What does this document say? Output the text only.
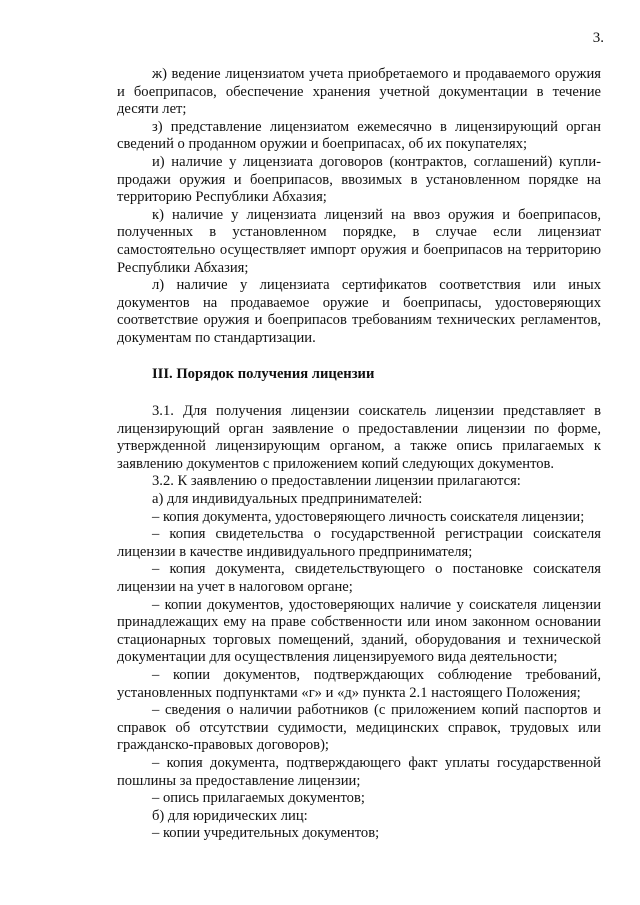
3.

ж) ведение лицензиатом учета приобретаемого и продаваемого оружия и боеприпасов, обеспечение хранения учетной документации в течение десяти лет;

з) представление лицензиатом ежемесячно в лицензирующий орган сведений о проданном оружии и боеприпасах, об их покупателях;

и) наличие у лицензиата договоров (контрактов, соглашений) купли-продажи оружия и боеприпасов, ввозимых в установленном порядке на территорию Республики Абхазия;

к) наличие у лицензиата лицензий на ввоз оружия и боеприпасов, полученных в установленном порядке, в случае если лицензиат самостоятельно осуществляет импорт оружия и боеприпасов на территорию Республики Абхазия;

л) наличие у лицензиата сертификатов соответствия или иных документов на продаваемое оружие и боеприпасы, удостоверяющих соответствие оружия и боеприпасов требованиям технических регламентов, документам по стандартизации.

III. Порядок получения лицензии

3.1. Для получения лицензии соискатель лицензии представляет в лицензирующий орган заявление о предоставлении лицензии по форме, утвержденной лицензирующим органом, а также опись прилагаемых к заявлению документов с приложением копий следующих документов.

3.2. К заявлению о предоставлении лицензии прилагаются:

а) для индивидуальных предпринимателей:

– копия документа, удостоверяющего личность соискателя лицензии;

– копия свидетельства о государственной регистрации соискателя лицензии в качестве индивидуального предпринимателя;

– копия документа, свидетельствующего о постановке соискателя лицензии на учет в налоговом органе;

– копии документов, удостоверяющих наличие у соискателя лицензии принадлежащих ему на праве собственности или ином законном основании стационарных торговых помещений, зданий, оборудования и технической документации для осуществления лицензируемого вида деятельности;

– копии документов, подтверждающих соблюдение требований, установленных подпунктами «г» и «д» пункта 2.1 настоящего Положения;

– сведения о наличии работников (с приложением копий паспортов и справок об отсутствии судимости, медицинских справок, трудовых или гражданско-правовых договоров);

– копия документа, подтверждающего факт уплаты государственной пошлины за предоставление лицензии;

– опись прилагаемых документов;

б) для юридических лиц:

– копии учредительных документов;
